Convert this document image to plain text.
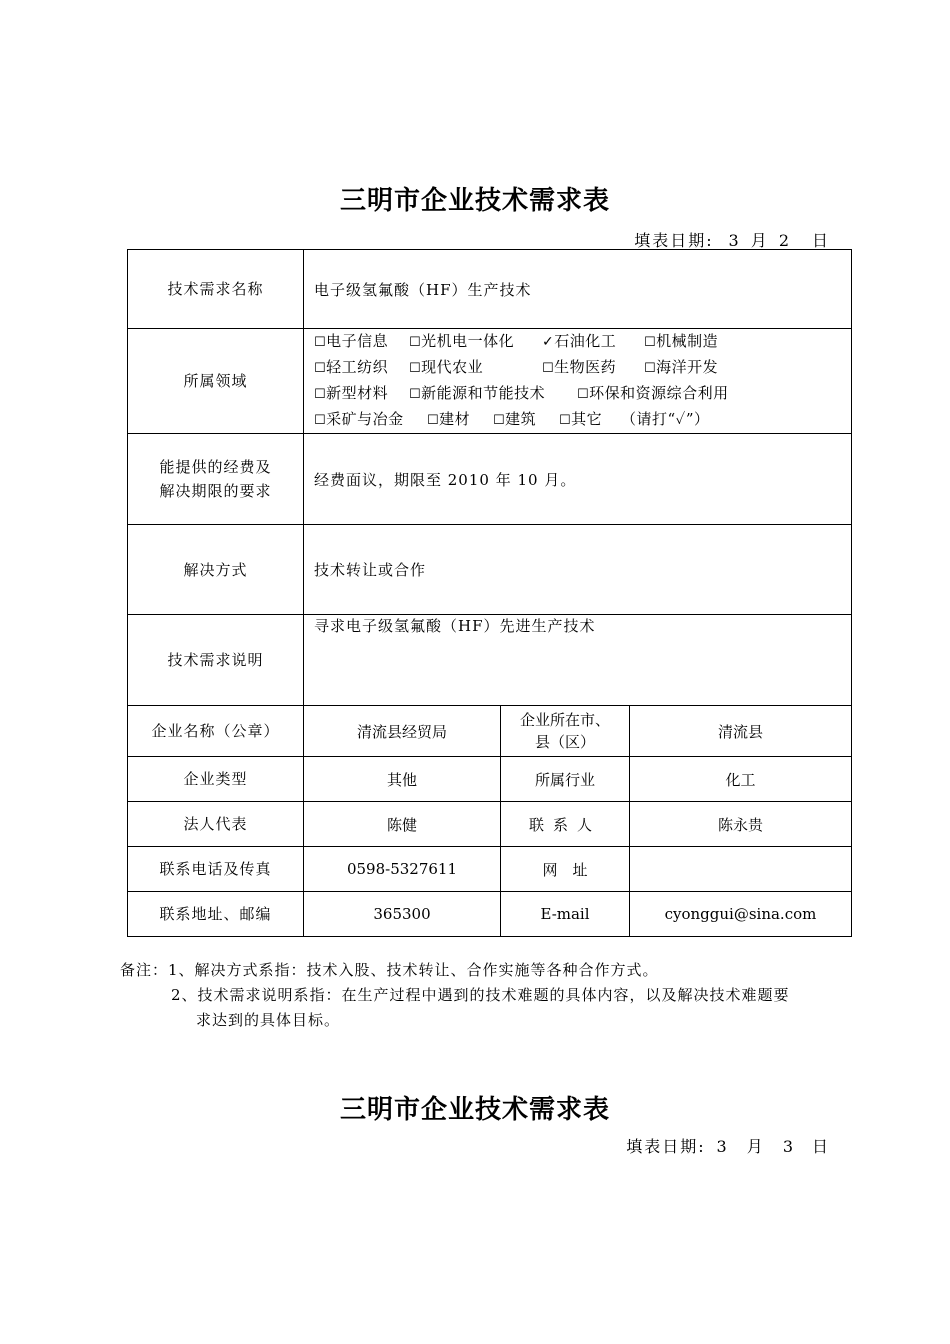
三明市企业技术需求表
填表日期: 3 月 2 日
技术需求名称	电子级氢氟酸（HF）生产技术		
所属领域	☐电子信息 ☐光机电一体化 ✓石油化工 ☐机械制造
☐轻工纺织 ☐现代农业 ☐生物医药 ☐海洋开发
☐新型材料 ☐新能源和节能技术 ☐环保和资源综合利用
☐采矿与冶金 ☐建材 ☐建筑 ☐其它 （请打“✓”）		

能提供的经费及
解决期限的要求	经费面议，期限至 2010 年 10 月。		
解决方式	技术转让或合作		
技术需求说明	寻求电子级氢氟酸（HF）先进生产技术		
企业名称（公章）	清流县经贸局	企业所在市、
县（区）	清流县
企业类型	其他	所属行业	化工
法人代表	陈健	联系人	陈永贵
联系电话及传真	0598-5327611	网　址	
联系地址、邮编	365300	E-mail	cyonggui@sina.com
备注：1、解决方式系指：技术入股、技术转让、合作实施等各种合作方式。
2、技术需求说明系指：在生产过程中遇到的技术难题的具体内容，以及解决技术难题要
求达到的具体目标。
三明市企业技术需求表
填表日期: 3 月 3 日
